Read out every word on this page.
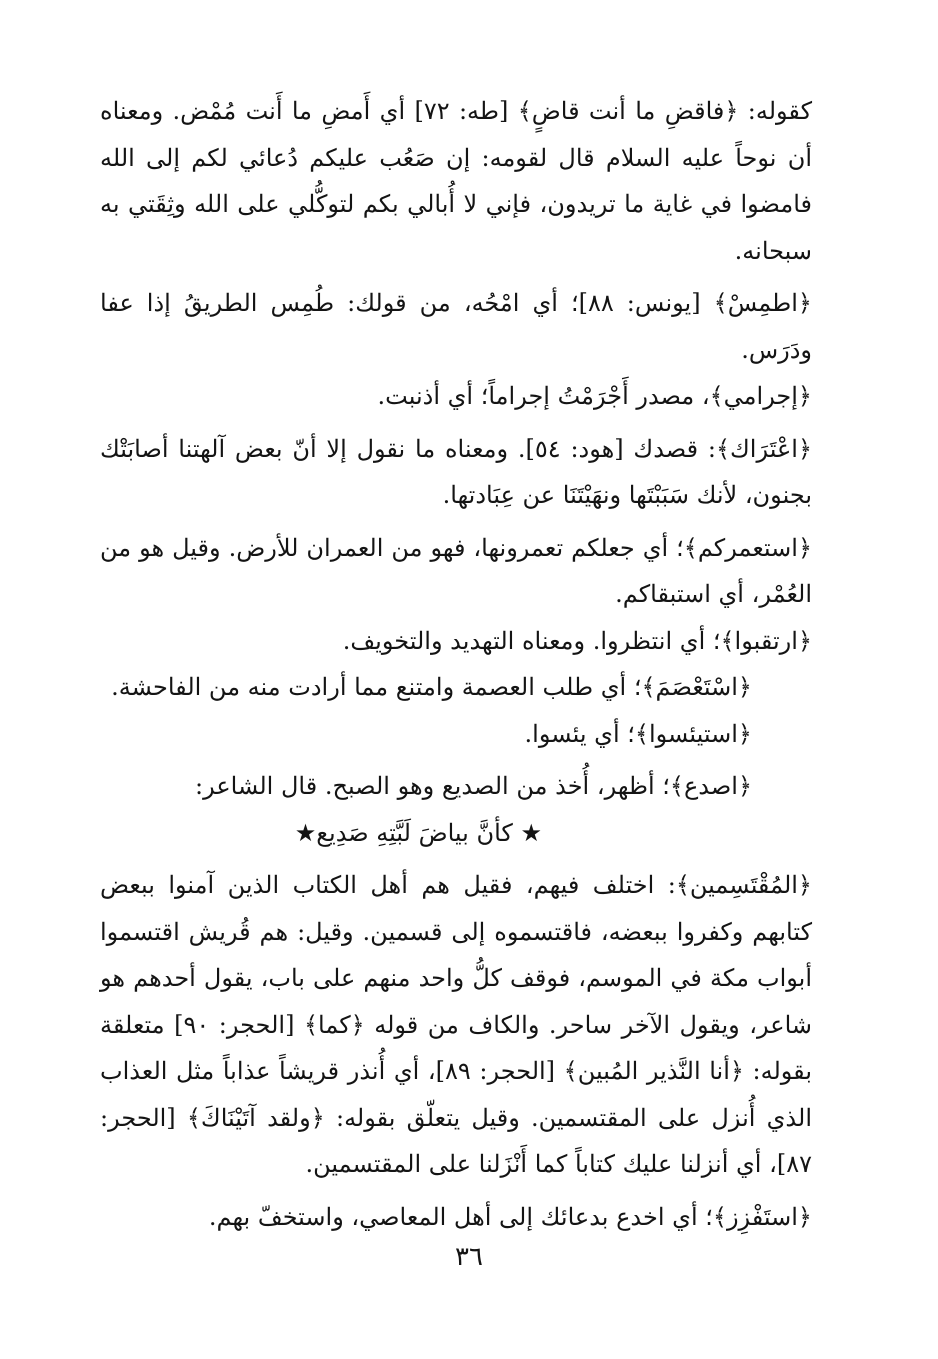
كقوله: ﴿فاقضِ ما أنت قاضٍ﴾ [طه: ٧٢] أي أَمضِ ما أَنت مُمْض. ومعناه أن نوحاً عليه السلام قال لقومه: إن صَعُب عليكم دُعائي لكم إلى الله فامضوا في غاية ما تريدون، فإني لا أُبالي بكم لتوكُّلي على الله وثِقَتي به سبحانه.

﴿اطمِسْ﴾ [يونس: ٨٨]؛ أي امْحُه، من قولك: طُمِس الطريقُ إذا عفا ودَرَس.

﴿إجرامي﴾، مصدر أَجْرَمْتُ إجراماً؛ أي أذنبت.

﴿اعْتَرَاك﴾: قصدك [هود: ٥٤]. ومعناه ما نقول إلا أنّ بعض آلهتنا أصابَتْك بجنون، لأنك سَبَبْتَها ونهَيْتَنَا عن عِبَادتها.

﴿استعمركم﴾؛ أي جعلكم تعمرونها، فهو من العمران للأرض. وقيل هو من العُمْر، أي استبقاكم.

﴿ارتقبوا﴾؛ أي انتظروا. ومعناه التهديد والتخويف.

﴿اسْتَعْصَمَ﴾؛ أي طلب العصمة وامتنع مما أرادت منه من الفاحشة.

﴿استيئسوا﴾؛ أي يئسوا.

﴿اصدع﴾؛ أظهر، أُخذ من الصديع وهو الصبح. قال الشاعر:

★ كأنَّ بياضَ لَبَّتِهِ صَدِيع★

﴿المُقْتَسِمين﴾: اختلف فيهم، فقيل هم أهل الكتاب الذين آمنوا ببعض كتابهم وكفروا ببعضه، فاقتسموه إلى قسمين. وقيل: هم قُريش اقتسموا أبواب مكة في الموسم، فوقف كلُّ واحد منهم على باب، يقول أحدهم هو شاعر، ويقول الآخر ساحر. والكاف من قوله ﴿كما﴾ [الحجر: ٩٠] متعلقة بقوله: ﴿أنا النَّذير المُبين﴾ [الحجر: ٨٩]، أي أُنذر قريشاً عذاباً مثل العذاب الذي أُنزل على المقتسمين. وقيل يتعلّق بقوله: ﴿ولقد آتَيْنَاكَ﴾ [الحجر: ٨٧]، أي أنزلنا عليك كتاباً كما أَنْزَلنا على المقتسمين.

﴿استَفْزِز﴾؛ أي اخدع بدعائك إلى أهل المعاصي، واستخفّ بهم.

٣٦
